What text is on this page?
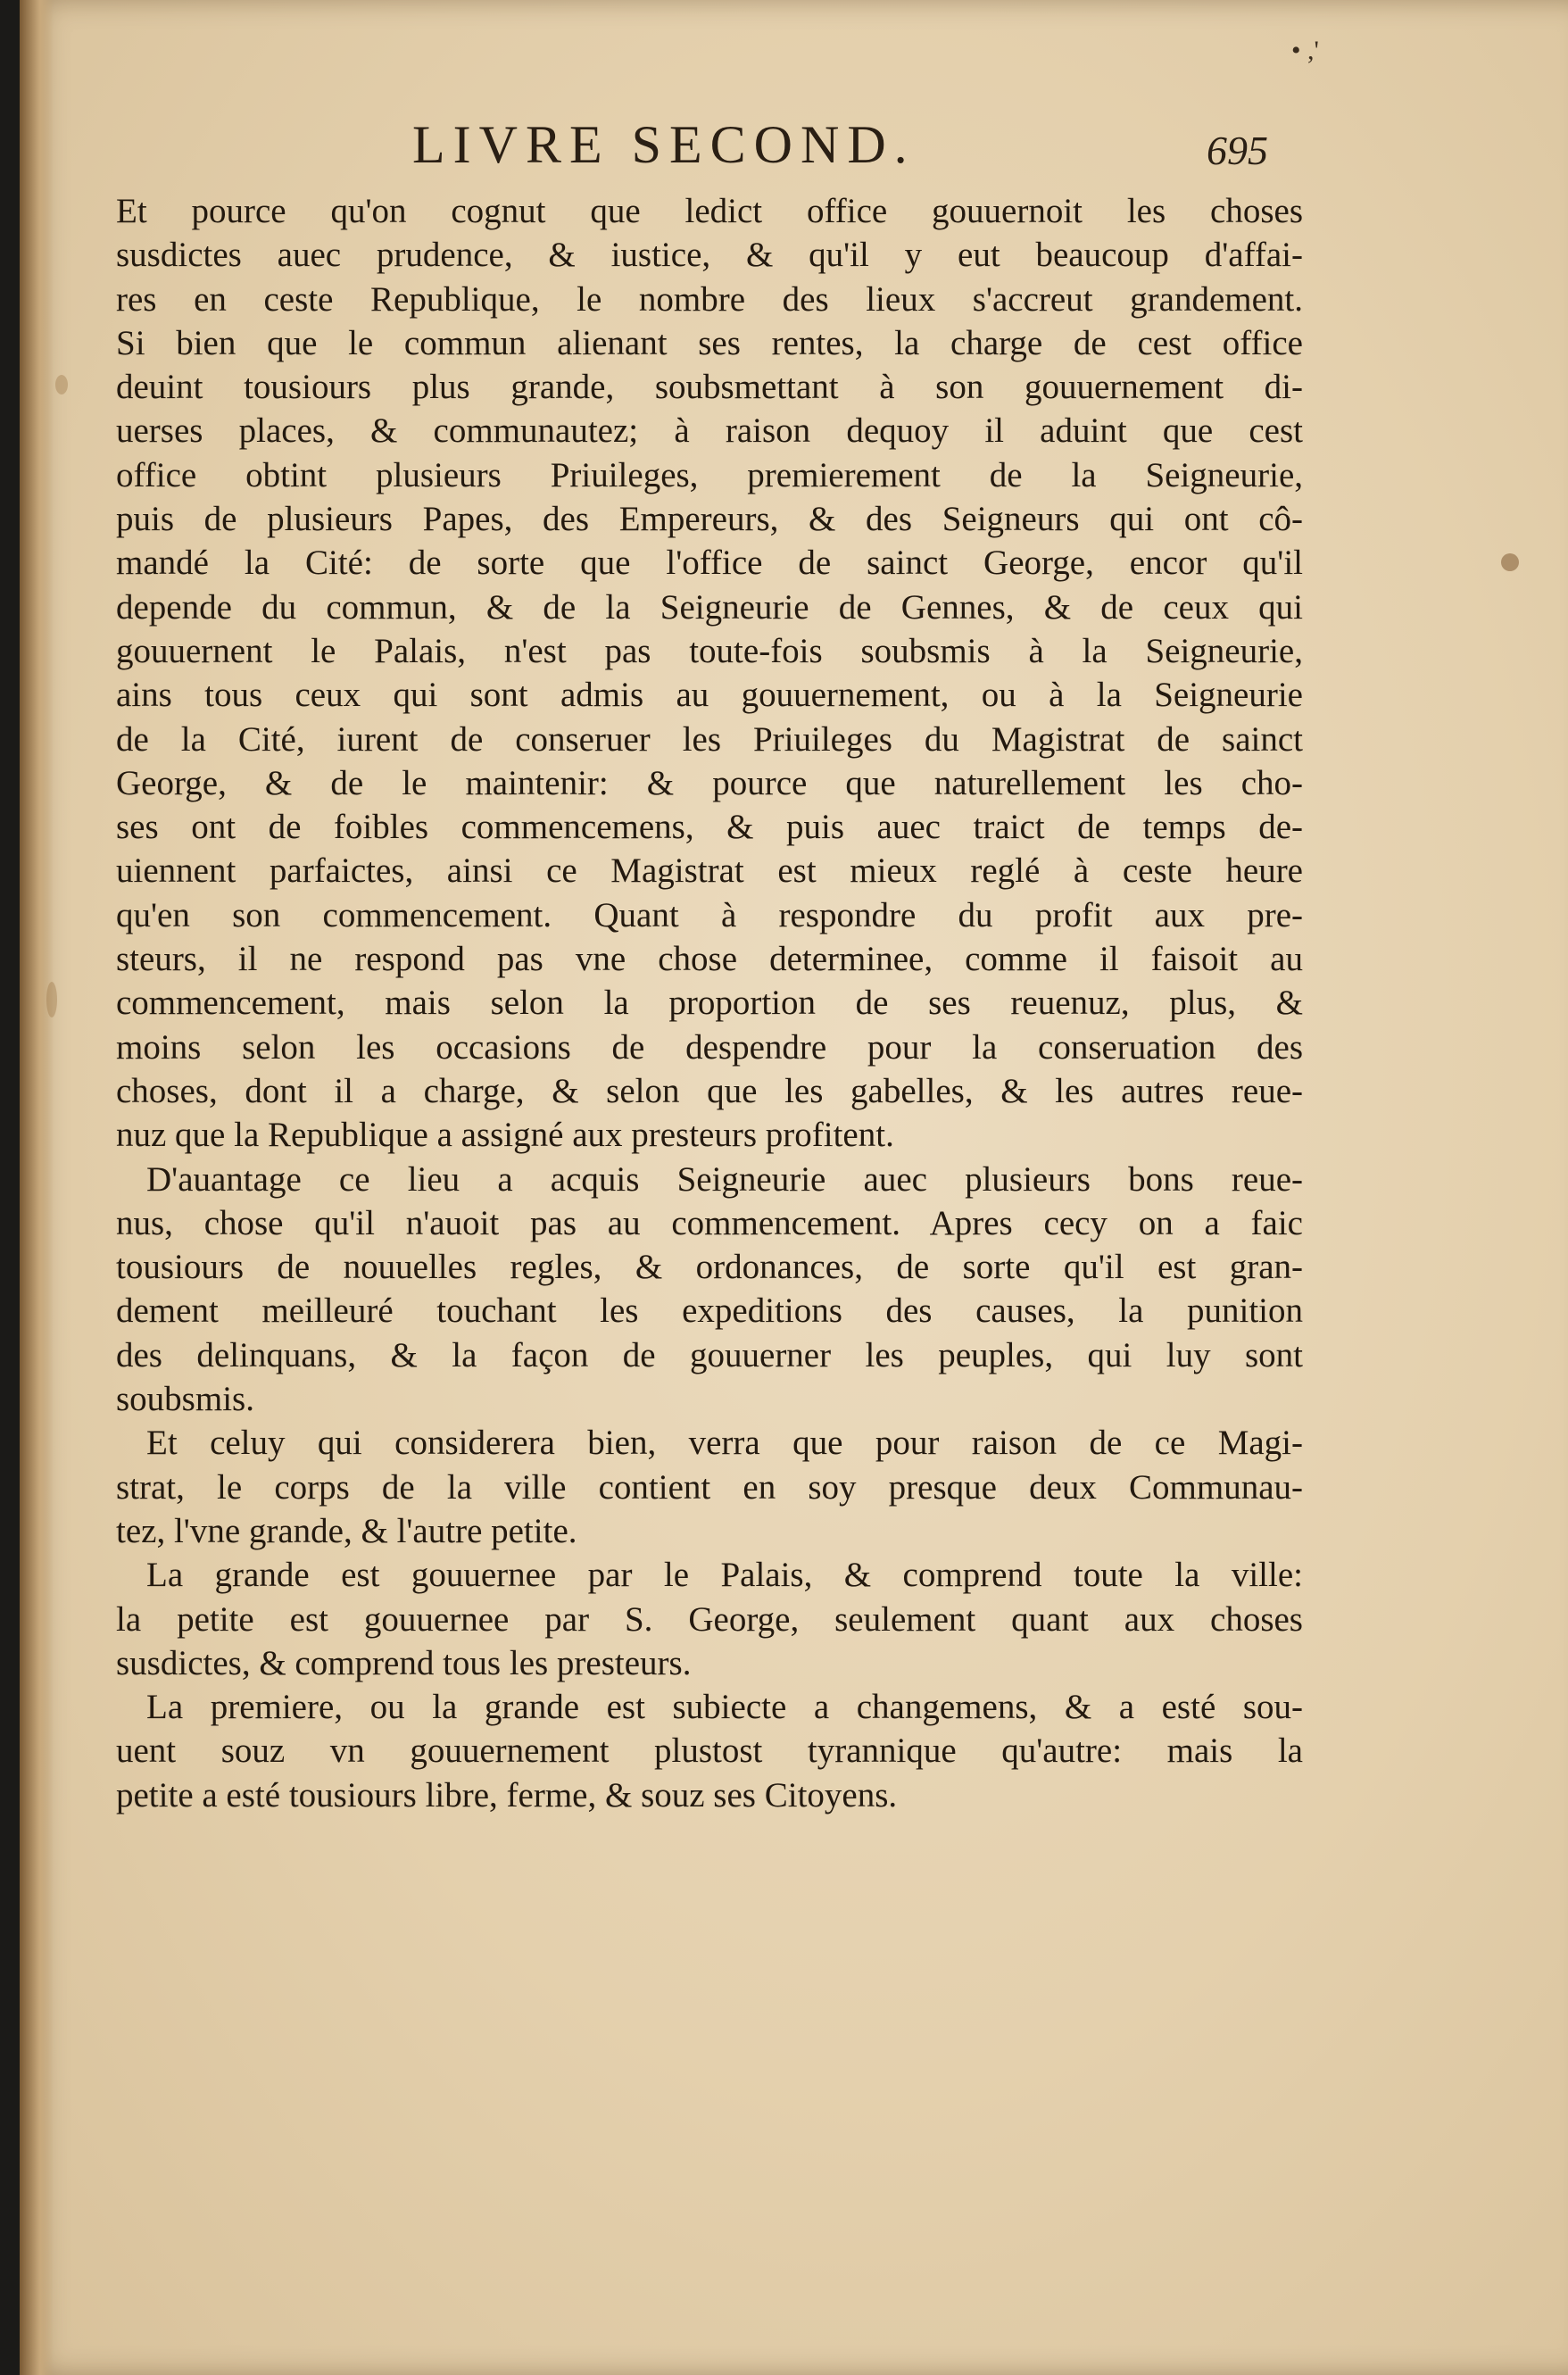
• ,'
LIVRE SECOND.	695
Et pource qu'on cognut que ledict office gouuernoit les choses
susdictes auec prudence, & iustice, & qu'il y eut beaucoup d'affai-
res en ceste Republique, le nombre des lieux s'accreut grandement.
Si bien que le commun alienant ses rentes, la charge de cest office
deuint tousiours plus grande, soubsmettant à son gouuernement di-
uerses places, & communautez; à raison dequoy il aduint que cest
office obtint plusieurs Priuileges, premierement de la Seigneurie,
puis de plusieurs Papes, des Empereurs, & des Seigneurs qui ont cô-
mandé la Cité: de sorte que l'office de sainct George, encor qu'il
depende du commun, & de la Seigneurie de Gennes, & de ceux qui
gouuernent le Palais, n'est pas toute-fois soubsmis à la Seigneurie,
ains tous ceux qui sont admis au gouuernement, ou à la Seigneurie
de la Cité, iurent de conseruer les Priuileges du Magistrat de sainct
George, & de le maintenir: & pource que naturellement les cho-
ses ont de foibles commencemens, & puis auec traict de temps de-
uiennent parfaictes, ainsi ce Magistrat est mieux reglé à ceste heure
qu'en son commencement. Quant à respondre du profit aux pre-
steurs, il ne respond pas vne chose determinee, comme il faisoit au
commencement, mais selon la proportion de ses reuenuz, plus, &
moins selon les occasions de despendre pour la conseruation des
choses, dont il a charge, & selon que les gabelles, & les autres reue-
nuz que la Republique a assigné aux presteurs profitent.
D'auantage ce lieu a acquis Seigneurie auec plusieurs bons reue-
nus, chose qu'il n'auoit pas au commencement. Apres cecy on a faic
tousiours de nouuelles regles, & ordonances, de sorte qu'il est gran-
dement meilleuré touchant les expeditions des causes, la punition
des delinquans, & la façon de gouuerner les peuples, qui luy sont
soubsmis.
Et celuy qui considerera bien, verra que pour raison de ce Magi-
strat, le corps de la ville contient en soy presque deux Communau-
tez, l'vne grande, & l'autre petite.
La grande est gouuernee par le Palais, & comprend toute la ville:
la petite est gouuernee par S. George, seulement quant aux choses
susdictes, & comprend tous les presteurs.
La premiere, ou la grande est subiecte a changemens, & a esté sou-
uent souz vn gouuernement plustost tyrannique qu'autre: mais la
petite a esté tousiours libre, ferme, & souz ses Citoyens.
